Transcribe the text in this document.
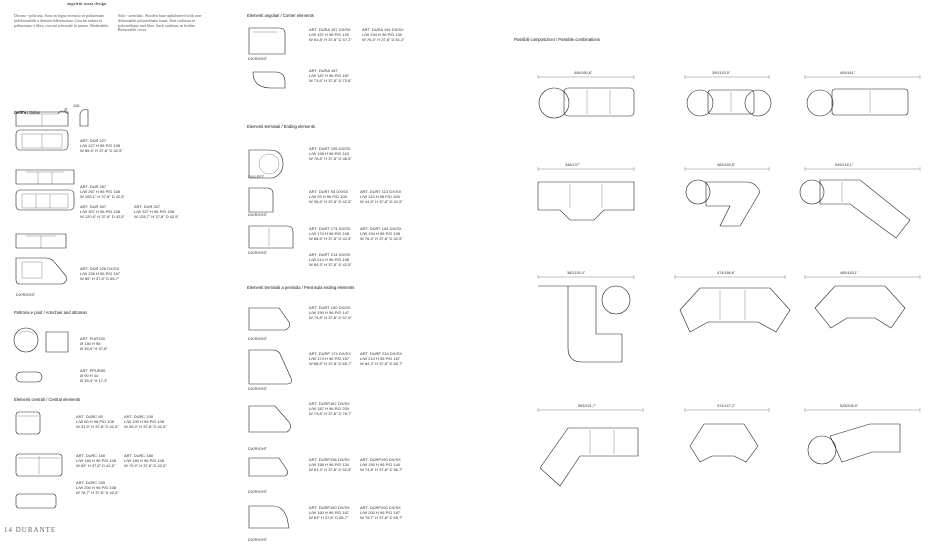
angeletti ruzza design
Divano - poltrona. Sono in legno rivestito in poliuretano indeformabile a densità differenziata. Cuscini seduta in poliuretano e fibra, cuscini schienale in piuma. Sfoderabile.
Sofa - armchair. Wooden base upholstered with non-deformable polyurethane foam. Seat cushions in polyurethane and fibre, back cushions in feather. Removable cover.
Divani / Sofas	96
108
ART. DUR 227
L/W 227 H 96 P/D 108
W 89,4" H 37,8" D 42,5"
ART. DUR 267
L/W 267 H 96 P/D 108
W 105,1" H 37,8" D 42,5"
ART. DUR 307
L/W 307 H 96 P/D 108
W 120,9" H 37,8" D 42,5"
ART. DUR 327
L/W 327 H 96 P/D 108
W 128,7" H 37,8" D 42,5"
ART. DUR 226 DX/SX
L/W 226 H 96 P/D 167
W 89" H 37,8" D 65,7"
DX/RIGHT
Poltrona e pouf / Armchair and ottoman
ART. PUR130
Ø 130 H 96
Ø 39,4" H 37,8"
ART. PPUR90
Ø 90 H 44
Ø 35,4" H 17,3"
Elementi centrali / Central elements
ART. DURC 80
L/W 80 H 96 P/D 108
W 31,5" H 37,8" D 42,5"
ART. DURC 100
L/W 100 H 96 P/D 108
W 39,4" H 37,8" D 42,5"
ART. DURC 160
L/W 160 H 96 P/D 108
W 63" H 37,8" D 42,5"
ART. DURC 180
L/W 180 H 96 P/D 108
W 70,9" H 37,8" D 42,5"
ART. DURC 200
L/W 200 H 96 P/D 108
W 78,7" H 37,8" D 42,5"
14 DURANTE
Elementi angolari / Corner elements
DX/RIGHT
ART. DURA 157 DX/SX
L/W 157 H 96 P/D 120
W 61,8" H 37,8" D 47,2"
ART. DURA 194 DX/SX
L/W 194 H 96 P/D 130
W 76,4" H 37,8" D 51,2"
ART. DURA 187
L/W 187 H 96 P/D 187
W 73,6" H 37,8" D 73,6"
Elementi terminali / Ending elements
SX/LEFT
DX/RIGHT
DX/RIGHT
ART. DURT 195 DX/SX
L/W 195 H 96 P/D 118
W 76,8" H 37,8" D 46,5"
ART. DURT 93 DX/SX
L/W 93 H 96 P/D 108
W 36,6" H 37,8" D 42,5"
ART. DURT 113 DX/SX
L/W 113 H 96 P/D 108
W 44,5" H 37,8" D 42,5"
ART. DURT 174 DX/SX
L/W 174 H 96 P/D 108
W 68,5" H 37,8" D 42,5"
ART. DURT 194 DX/SX
L/W 194 H 96 P/D 108
W 76,4" H 37,8" D 42,5"
ART. DURT 214 DX/SX
L/W 214 H 96 P/D 108
W 84,3" H 37,8" D 42,5"
Elementi terminali a penisola / Peninsula ending elements
DX/RIGHT
DX/RIGHT
DX/RIGHT
DX/RIGHT
DX/RIGHT
ART. DURT 190 DX/SX
L/W 190 H 96 P/D 147
W 74,8" H 37,8" D 57,9"
ART. DURP 174 DX/SX
L/W 174 H 96 P/D 167
W 68,5" H 37,8" D 65,7"
ART. DURP 214 DX/SX
L/W 214 H 96 P/D 167
W 84,3" H 37,8" D 65,7"
ART. DURP187 DX/SX
L/W 187 H 96 P/D 200
W 73,6" H 37,8" D 78,7"
ART. DURP156 DX/SX
L/W 156 H 96 P/D 134
W 61,4" H 37,8" D 52,8"
ART. DURP190 DX/SX
L/W 190 H 96 P/D 144
W 74,8" H 37,8" D 56,7"
ART. DURP160 DX/SX
L/W 160 H 96 P/D 167
W 63" H 37,8" D 65,7"
ART. DURP200 DX/SX
L/W 200 H 96 P/D 167
W 78,7" H 37,8" D 65,7"
Possibili composizioni / Possible combinations
406/160,8"	390/153,5"	409/161"
348/137"	383/150,8"	549/216,1"
382/150,4"	474/186,6"	465/183,1"
563/221,7"	374/147,2"	525/206,9"
